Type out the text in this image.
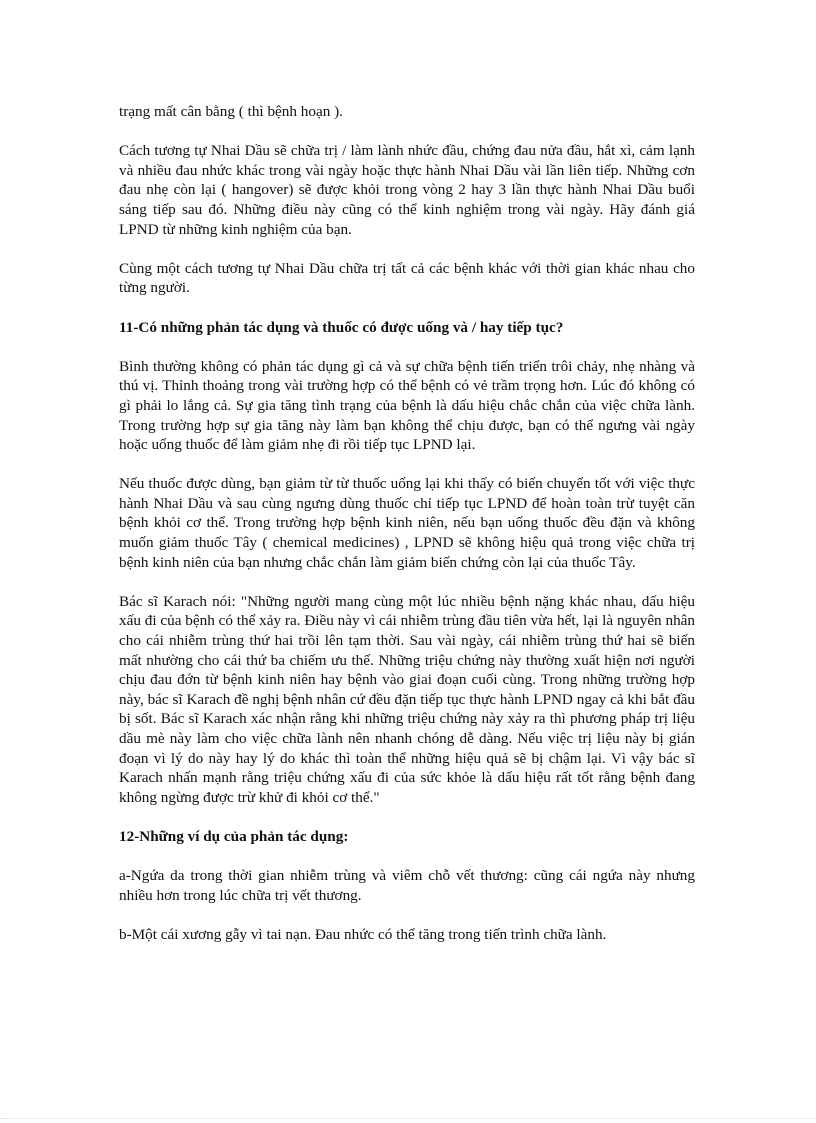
trạng mất cân bằng ( thì bệnh hoạn ).

Cách tương tự Nhai Dầu sẽ chữa trị / làm lành nhức đầu, chứng đau nửa đầu, hắt xì, cảm lạnh và nhiều đau nhức khác trong vài ngày hoặc thực hành Nhai Dầu vài lần liên tiếp. Những cơn đau nhẹ còn lại ( hangover) sẽ được khỏi trong vòng 2 hay 3 lần thực hành Nhai Dầu buổi sáng tiếp sau đó. Những điều này cũng có thể kinh nghiệm trong vài ngày. Hãy đánh giá LPND từ những kinh nghiệm của bạn.

Cùng một cách tương tự Nhai Dầu chữa trị tất cả các bệnh khác với thời gian khác nhau cho từng người.

11-Có những phản tác dụng và thuốc có được uống và / hay tiếp tục?

Bình thường không có phản tác dụng gì cả và sự chữa bệnh tiến triển trôi chảy, nhẹ nhàng và thú vị. Thỉnh thoảng trong vài trường hợp có thể bệnh có vẻ trầm trọng hơn. Lúc đó không có gì phải lo lắng cả. Sự gia tăng tình trạng của bệnh là dấu hiệu chắc chắn của việc chữa lành. Trong trường hợp sự gia tăng này làm bạn không thể chịu được, bạn có thể ngưng vài ngày hoặc uống thuốc để làm giảm nhẹ đi rồi tiếp tục LPND lại.

Nếu thuốc được dùng, bạn giảm từ từ thuốc uống lại khi thấy có biến chuyển tốt với việc thực hành Nhai Dầu và sau cùng ngưng dùng thuốc chỉ tiếp tục LPND để hoàn toàn trừ tuyệt căn bệnh khỏi cơ thể. Trong trường hợp bệnh kinh niên, nếu bạn uống thuốc đều đặn và không muốn giảm thuốc Tây ( chemical medicines) , LPND sẽ không hiệu quả trong việc chữa trị bệnh kinh niên của bạn nhưng chắc chắn làm giảm biến chứng còn lại của thuốc Tây.

Bác sĩ Karach nói: "Những người mang cùng một lúc nhiều bệnh nặng khác nhau, dấu hiệu xấu đi của bệnh có thể xảy ra. Điều này vì cái nhiễm trùng đầu tiên vừa hết, lại là nguyên nhân cho cái nhiễm trùng thứ hai trồi lên tạm thời. Sau vài ngày, cái nhiễm trùng thứ hai sẽ biến mất nhường cho cái thứ ba chiếm ưu thế. Những triệu chứng này thường xuất hiện nơi người chịu đau đớn từ bệnh kinh niên hay bệnh vào giai đoạn cuối cùng. Trong những trường hợp này, bác sĩ Karach đề nghị bệnh nhân cứ đều đặn tiếp tục thực hành LPND ngay cả khi bắt đầu bị sốt. Bác sĩ Karach xác nhận rằng khi những triệu chứng này xảy ra thì phương pháp trị liệu dầu mè này làm cho việc chữa lành nên nhanh chóng dễ dàng. Nếu việc trị liệu này bị gián đoạn vì lý do này hay lý do khác thì toàn thể những hiệu quả sẽ bị chậm lại. Vì vậy bác sĩ Karach nhấn mạnh rằng triệu chứng xấu đi của sức khỏe là dấu hiệu rất tốt rằng bệnh đang không ngừng được trừ khử đi khỏi cơ thể."

12-Những ví dụ của phản tác dụng:

a-Ngứa da trong thời gian nhiễm trùng và viêm chỗ vết thương: cũng cái ngứa này nhưng nhiều hơn trong lúc chữa trị vết thương.

b-Một cái xương gẫy vì tai nạn. Đau nhức có thể tăng trong tiến trình chữa lành.
